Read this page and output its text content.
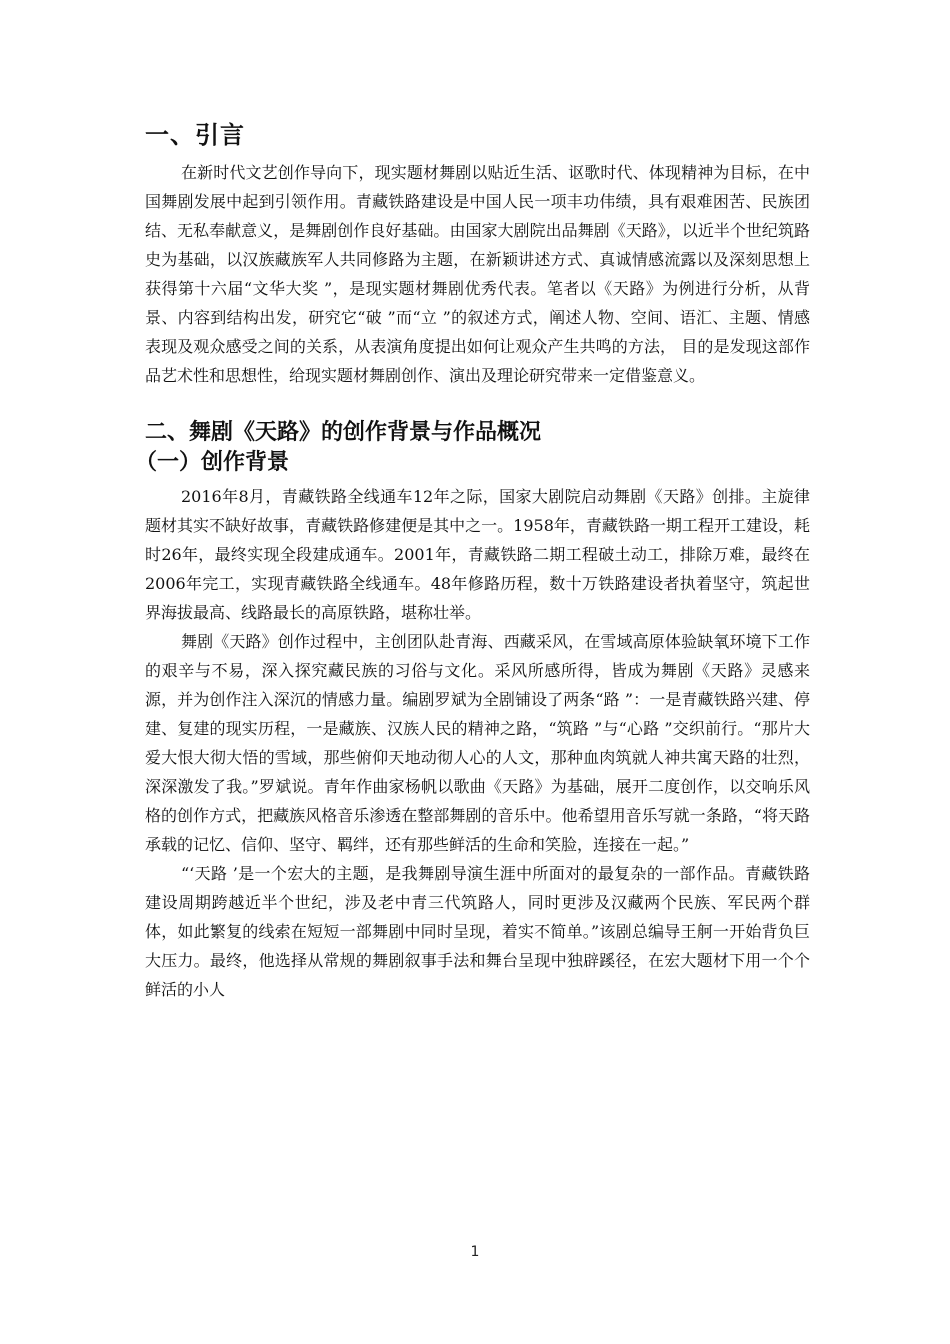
一、引言

在新时代文艺创作导向下，现实题材舞剧以贴近生活、讴歌时代、体现精神为目标，在中国舞剧发展中起到引领作用。青藏铁路建设是中国人民一项丰功伟绩，具有艰难困苦、民族团结、无私奉献意义，是舞剧创作良好基础。由国家大剧院出品舞剧《天路》，以近半个世纪筑路史为基础，以汉族藏族军人共同修路为主题，在新颖讲述方式、真诚情感流露以及深刻思想上获得第十六届“文华大奖 ”，是现实题材舞剧优秀代表。笔者以《天路》为例进行分析，从背景、内容到结构出发，研究它“破 ”而“立 ”的叙述方式，阐述人物、空间、语汇、主题、情感表现及观众感受之间的关系，从表演角度提出如何让观众产生共鸣的方法， 目的是发现这部作品艺术性和思想性，给现实题材舞剧创作、演出及理论研究带来一定借鉴意义。

二、舞剧《天路》的创作背景与作品概况
（一）创作背景

2016年8月，青藏铁路全线通车12年之际，国家大剧院启动舞剧《天路》创排。主旋律题材其实不缺好故事，青藏铁路修建便是其中之一。1958年，青藏铁路一期工程开工建设，耗时26年，最终实现全段建成通车。2001年，青藏铁路二期工程破土动工，排除万难，最终在 2006年完工，实现青藏铁路全线通车。48年修路历程，数十万铁路建设者执着坚守，筑起世界海拔最高、线路最长的高原铁路，堪称壮举。

舞剧《天路》创作过程中，主创团队赴青海、西藏采风，在雪域高原体验缺氧环境下工作的艰辛与不易，深入探究藏民族的习俗与文化。采风所感所得，皆成为舞剧《天路》灵感来源，并为创作注入深沉的情感力量。编剧罗斌为全剧铺设了两条“路 ”：一是青藏铁路兴建、停建、复建的现实历程，一是藏族、汉族人民的精神之路，“筑路 ”与“心路 ”交织前行。“那片大爱大恨大彻大悟的雪域，那些俯仰天地动彻人心的人文，那种血肉筑就人神共寓天路的壮烈，深深激发了我。”罗斌说。青年作曲家杨帆以歌曲《天路》为基础，展开二度创作，以交响乐风格的创作方式，把藏族风格音乐渗透在整部舞剧的音乐中。他希望用音乐写就一条路，“将天路承载的记忆、信仰、坚守、羁绊，还有那些鲜活的生命和笑脸，连接在一起。”

“‘天路 ’是一个宏大的主题，是我舞剧导演生涯中所面对的最复杂的一部作品。青藏铁路建设周期跨越近半个世纪，涉及老中青三代筑路人，同时更涉及汉藏两个民族、军民两个群体，如此繁复的线索在短短一部舞剧中同时呈现，着实不简单。”该剧总编导王舸一开始背负巨大压力。最终，他选择从常规的舞剧叙事手法和舞台呈现中独辟蹊径，在宏大题材下用一个个鲜活的小人

1
